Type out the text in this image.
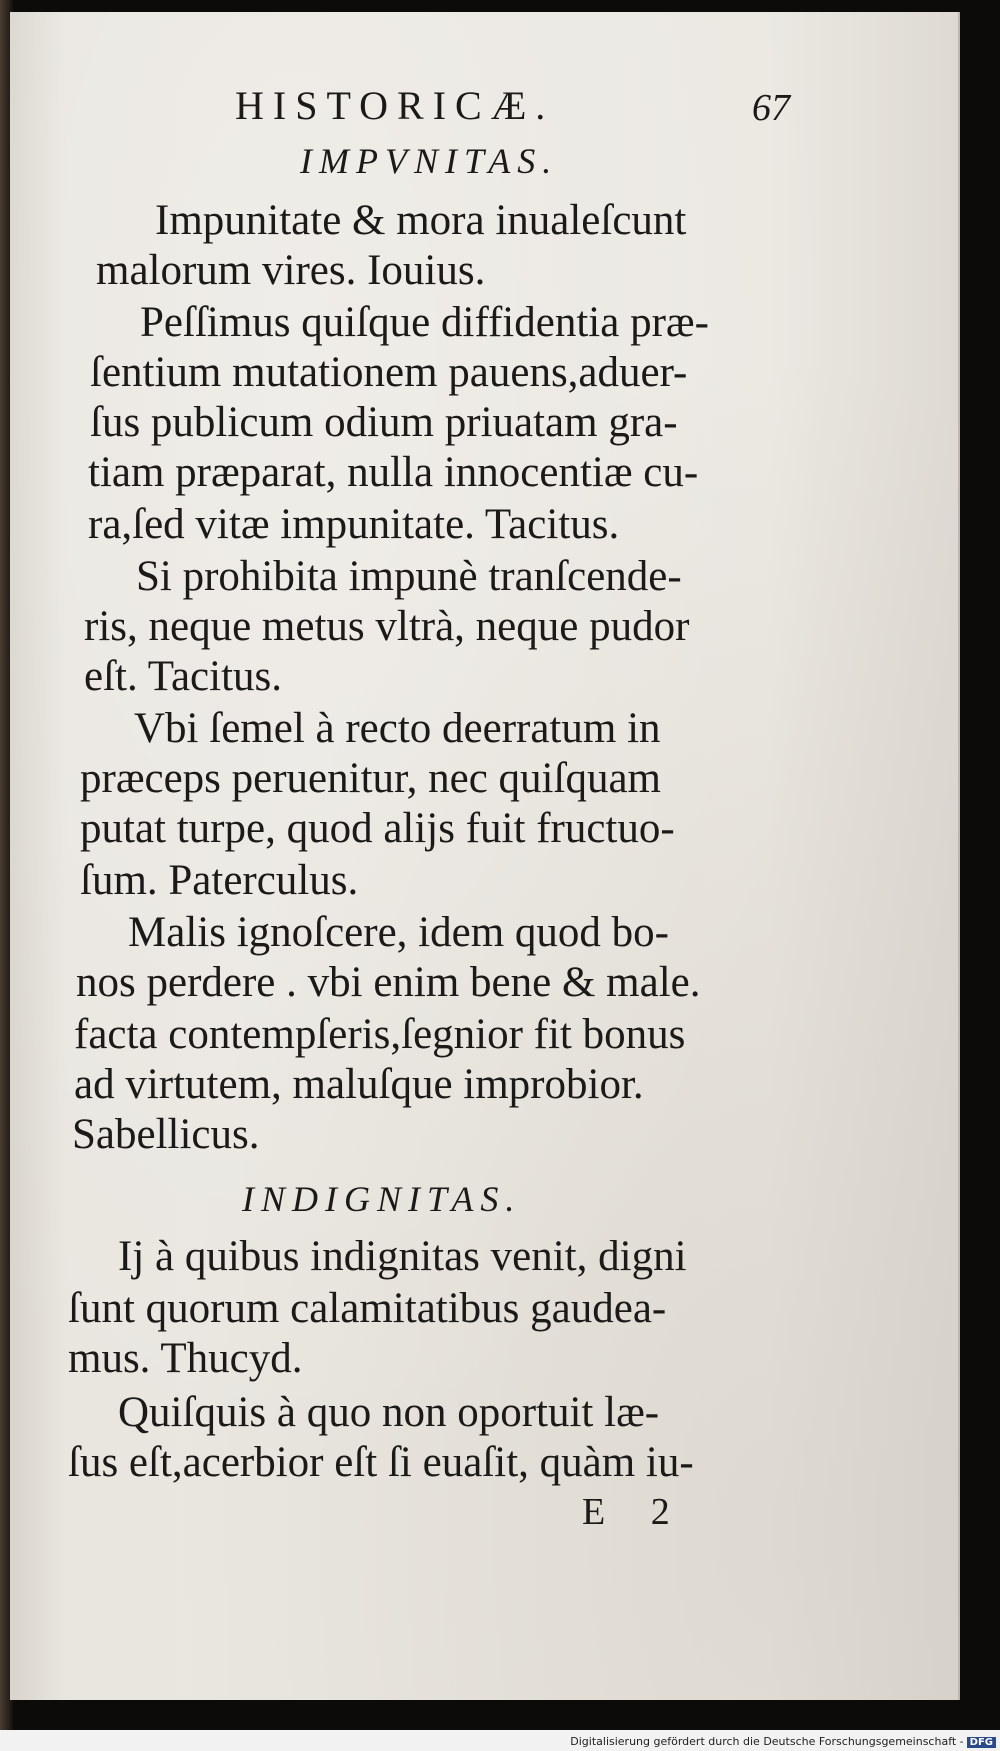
HISTORICÆ.	67
IMPVNITAS.
Impunitate & mora inualeſcunt
malorum vires. Iouius.
Peſſimus quiſque diffidentia præ-
ſentium mutationem pauens,aduer-
ſus publicum odium priuatam gra-
tiam præparat, nulla innocentiæ cu-
ra,ſed vitæ impunitate. Tacitus.
Si prohibita impunè tranſcende-
ris, neque metus vltrà, neque pudor
eſt. Tacitus.
Vbi ſemel à recto deerratum in
præceps peruenitur, nec quiſquam
putat turpe, quod alijs fuit fructuo-
ſum. Paterculus.
Malis ignoſcere, idem quod bo-
nos perdere . vbi enim bene & male.
facta contempſeris,ſegnior fit bonus
ad virtutem, maluſque improbior.
Sabellicus.
INDIGNITAS.
Ij à quibus indignitas venit, digni
ſunt quorum calamitatibus gaudea-
mus. Thucyd.
Quiſquis à quo non oportuit læ-
ſus eſt,acerbior eſt ſi euaſit, quàm iu-
E 2
Digitalisierung gefördert durch die Deutsche Forschungsgemeinschaft - DFG
